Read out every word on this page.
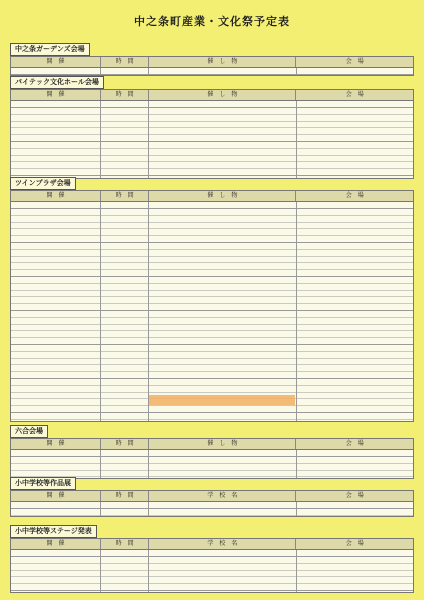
中之条町産業・文化祭予定表
中之条ガーデンズ会場
開　催	時　間	催　し　物	会　場
パイテック文化ホール会場
開　催	時　間	催　し　物	会　場
ツインプラザ会場
開　催	時　間	催　し　物	会　場
六合会場
開　催	時　間	催　し　物	会　場
小中学校等作品展
開　催	時　間	学　校　名	会　場
小中学校等ステージ発表
開　催	時　間	学　校　名	会　場
